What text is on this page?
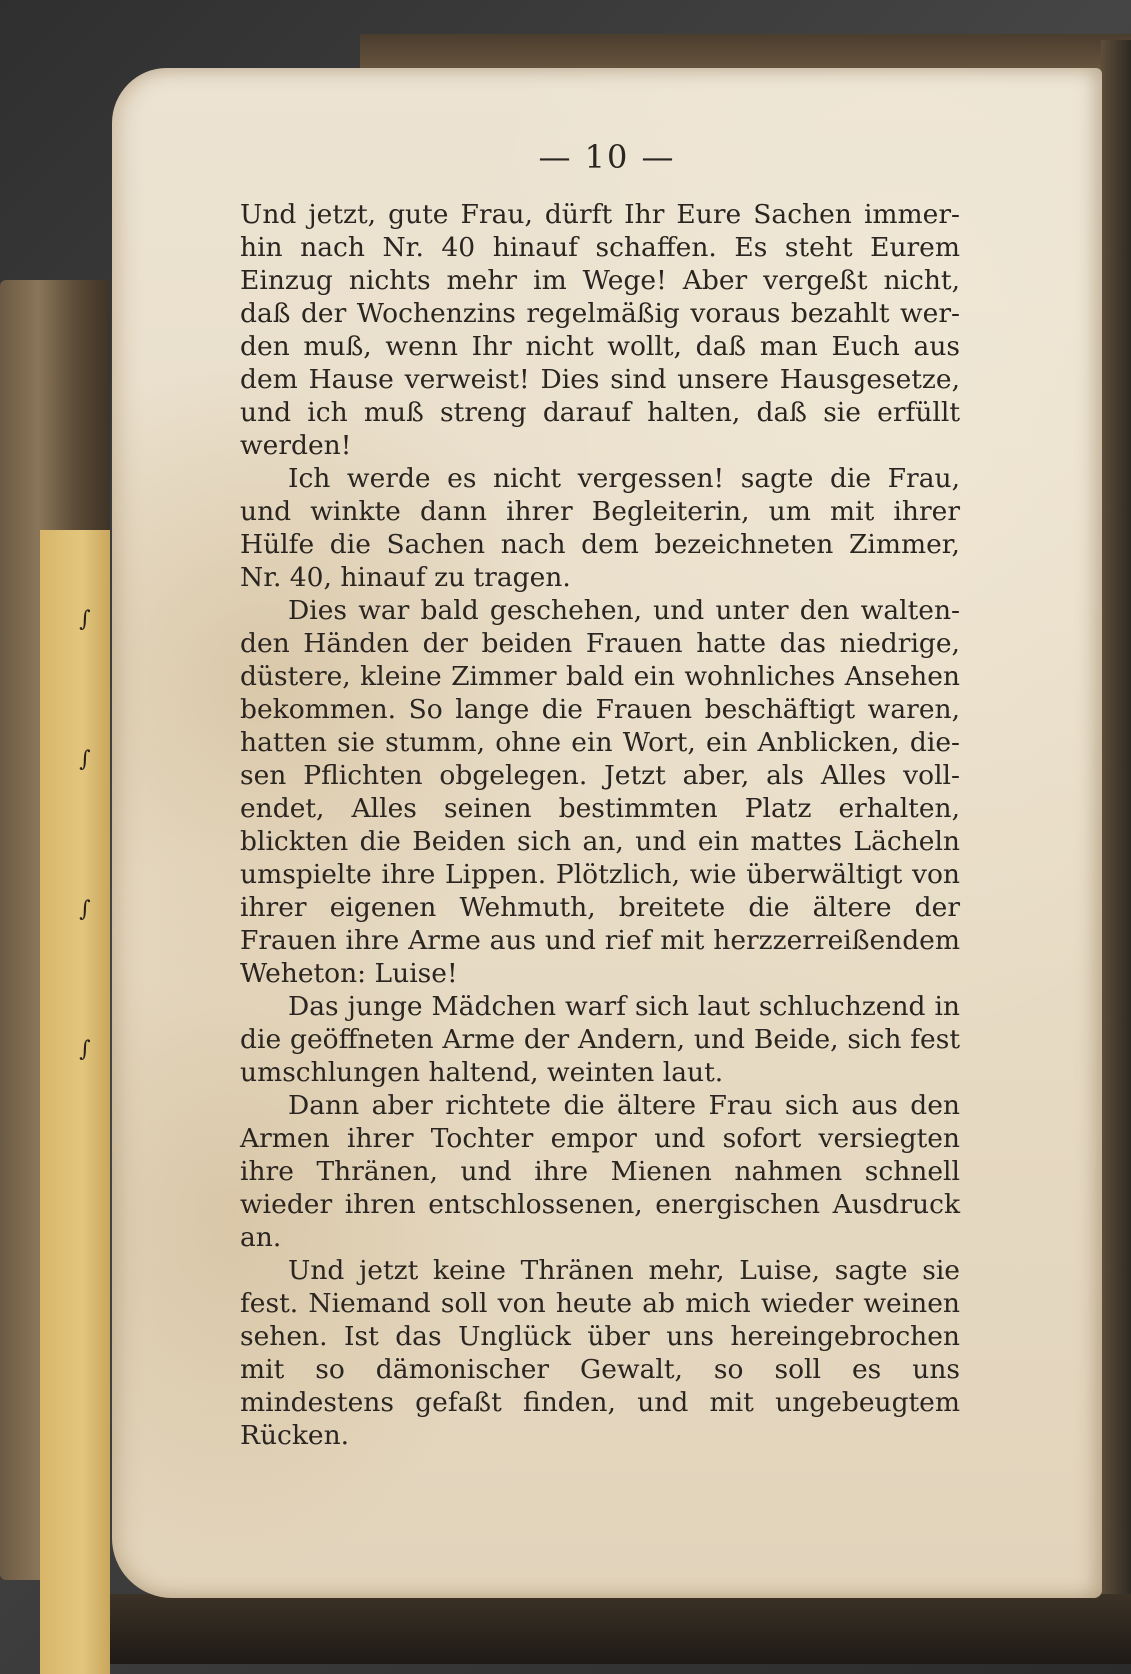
∫
∫
∫
∫
— 10 —

Und jetzt, gute Frau, dürft Ihr Eure Sachen immerhin nach Nr. 40 hinauf schaffen. Es steht Eurem Einzug nichts mehr im Wege! Aber vergeßt nicht, daß der Wochenzins regelmäßig voraus bezahlt werden muß, wenn Ihr nicht wollt, daß man Euch aus dem Hause verweist! Dies sind unsere Hausgesetze, und ich muß streng darauf halten, daß sie erfüllt werden!

Ich werde es nicht vergessen! sagte die Frau, und winkte dann ihrer Begleiterin, um mit ihrer Hülfe die Sachen nach dem bezeichneten Zimmer, Nr. 40, hinauf zu tragen.

Dies war bald geschehen, und unter den waltenden Händen der beiden Frauen hatte das niedrige, düstere, kleine Zimmer bald ein wohnliches Ansehen bekommen. So lange die Frauen beschäftigt waren, hatten sie stumm, ohne ein Wort, ein Anblicken, diesen Pflichten obgelegen. Jetzt aber, als Alles vollendet, Alles seinen bestimmten Platz erhalten, blickten die Beiden sich an, und ein mattes Lächeln umspielte ihre Lippen. Plötzlich, wie überwältigt von ihrer eigenen Wehmuth, breitete die ältere der Frauen ihre Arme aus und rief mit herzzerreißendem Weheton: Luise!

Das junge Mädchen warf sich laut schluchzend in die geöffneten Arme der Andern, und Beide, sich fest umschlungen haltend, weinten laut.

Dann aber richtete die ältere Frau sich aus den Armen ihrer Tochter empor und sofort versiegten ihre Thränen, und ihre Mienen nahmen schnell wieder ihren entschlossenen, energischen Ausdruck an.

Und jetzt keine Thränen mehr, Luise, sagte sie fest. Niemand soll von heute ab mich wieder weinen sehen. Ist das Unglück über uns hereingebrochen mit so dämonischer Gewalt, so soll es uns mindestens gefaßt finden, und mit ungebeugtem Rücken.
